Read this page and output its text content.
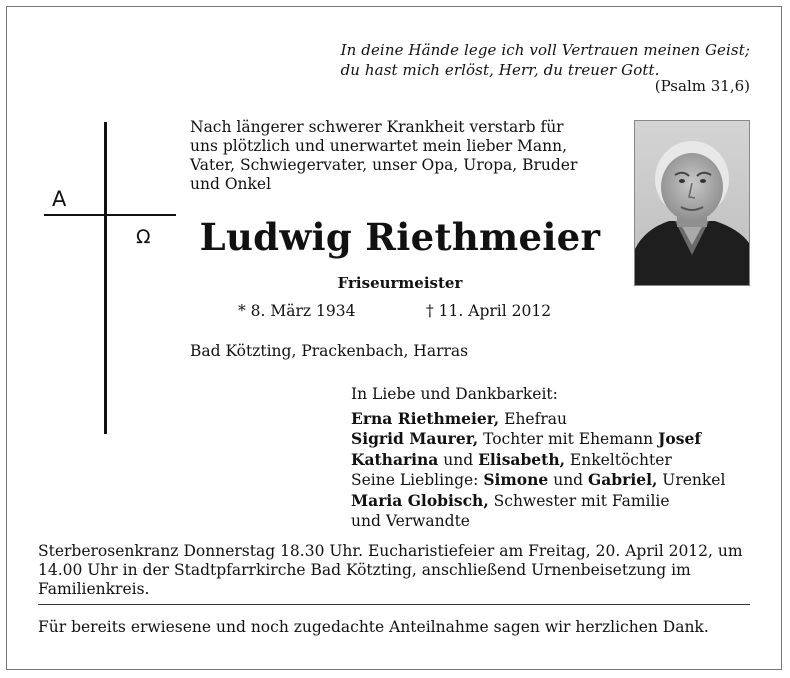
In deine Hände lege ich voll Vertrauen meinen Geist;
du hast mich erlöst, Herr, du treuer Gott.
(Psalm 31,6)
A
Ω
Nach längerer schwerer Krankheit verstarb für uns plötzlich und unerwartet mein lieber Mann, Vater, Schwiegervater, unser Opa, Uropa, Bruder und Onkel
Ludwig Riethmeier
Friseurmeister
* 8. März 1934	† 11. April 2012
Bad Kötzting, Prackenbach, Harras
In Liebe und Dankbarkeit:
Erna Riethmeier, Ehefrau
Sigrid Maurer, Tochter mit Ehemann Josef
Katharina und Elisabeth, Enkeltöchter
Seine Lieblinge: Simone und Gabriel, Urenkel
Maria Globisch, Schwester mit Familie
und Verwandte
Sterberosenkranz Donnerstag 18.30 Uhr. Eucharistiefeier am Freitag, 20. April 2012, um 14.00 Uhr in der Stadtpfarrkirche Bad Kötzting, anschließend Urnenbeisetzung im Familienkreis.
Für bereits erwiesene und noch zugedachte Anteilnahme sagen wir herzlichen Dank.
